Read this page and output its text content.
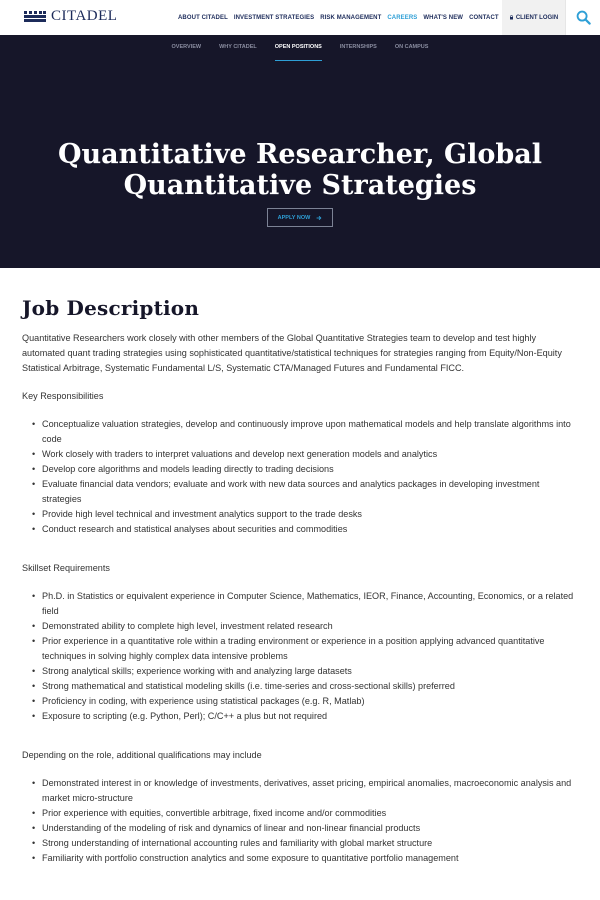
CITADEL	ABOUT CITADEL INVESTMENT STRATEGIES RISK MANAGEMENT CAREERS WHAT'S NEW CONTACT	CLIENT LOGIN
OVERVIEW	WHY CITADEL	OPEN POSITIONS	INTERNSHIPS	ON CAMPUS
Quantitative Researcher, Global Quantitative Strategies
APPLY NOW
Job Description

Quantitative Researchers work closely with other members of the Global Quantitative Strategies team to develop and test highly automated quant trading strategies using sophisticated quantitative/statistical techniques for strategies ranging from Equity/Non-Equity Statistical Arbitrage, Systematic Fundamental L/S, Systematic CTA/Managed Futures and Fundamental FICC.

Key Responsibilities

• Conceptualize valuation strategies, develop and continuously improve upon mathematical models and help translate algorithms into code
• Work closely with traders to interpret valuations and develop next generation models and analytics
• Develop core algorithms and models leading directly to trading decisions
• Evaluate financial data vendors; evaluate and work with new data sources and analytics packages in developing investment strategies
• Provide high level technical and investment analytics support to the trade desks
• Conduct research and statistical analyses about securities and commodities

Skillset Requirements

• Ph.D. in Statistics or equivalent experience in Computer Science, Mathematics, IEOR, Finance, Accounting, Economics, or a related field
• Demonstrated ability to complete high level, investment related research
• Prior experience in a quantitative role within a trading environment or experience in a position applying advanced quantitative techniques in solving highly complex data intensive problems
• Strong analytical skills; experience working with and analyzing large datasets
• Strong mathematical and statistical modeling skills (i.e. time-series and cross-sectional skills) preferred
• Proficiency in coding, with experience using statistical packages (e.g. R, Matlab)
• Exposure to scripting (e.g. Python, Perl); C/C++ a plus but not required

Depending on the role, additional qualifications may include

• Demonstrated interest in or knowledge of investments, derivatives, asset pricing, empirical anomalies, macroeconomic analysis and market micro-structure
• Prior experience with equities, convertible arbitrage, fixed income and/or commodities
• Understanding of the modeling of risk and dynamics of linear and non-linear financial products
• Strong understanding of international accounting rules and familiarity with global market structure
• Familiarity with portfolio construction analytics and some exposure to quantitative portfolio management
